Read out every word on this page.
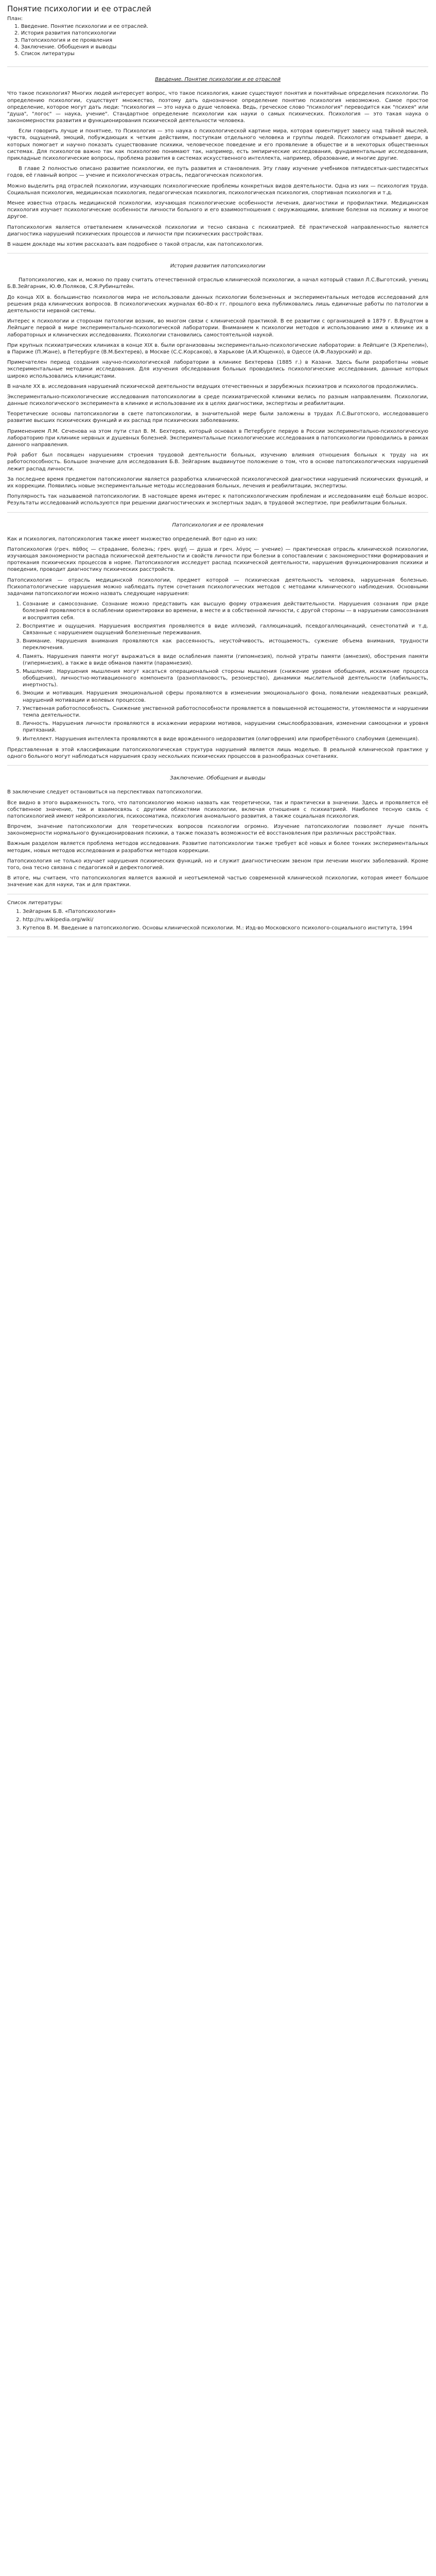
Понятие психологии и ее отраслей
План:
1. Введение. Понятие психологии и ее отраслей.
2. История развития патопсихологии
3. Патопсихология и ее проявления
4. Заключение. Обобщения и выводы
5. Список литературы
Введение. Понятие психологии и ее отраслей

Что такое психология? Многих людей интересует вопрос, что такое психология, какие существуют понятия и понятийные определения психологии. По определению психологии, существует множество, поэтому дать однозначное определение понятию психология невозможно. Самое простое определение, которое могут дать люди: "психология — это наука о душе человека. Ведь, греческое слово "психология" переводится как "психея" или "душа", "логос" — наука, учение". Стандартное определение психологии как науки о самых психическиx. Психология — это такая наука о закономерностях развития и функционирования психической деятельности человека.

Если говорить лучше и понятнее, то Психология — это наука о психологической картине мира, которая ориентирует завесу над тайной мыслей, чувств, ощущений, эмоций, побуждающих к четким действиям, поступкам отдельного человека и группы людей. Психология открывает двери, в которых помогает и научно показать существование психики, человеческое поведение и его проявление в обществе и в некоторых общественных системах. Для психологов важно так как психологию понимают так, например, есть эмпирические исследования, фундаментальные исследования, прикладные психологические вопросы, проблема развития в системах искусственного интеллекта, например, образование, и многие другие.

В главе 2 полностью описано развитие психологии, ее путь развития и становления. Эту главу изучение учебников пятидесятых-шестидесятых годов, её главный вопрос — учение и психологическая отрасль, педагогическая психология.

Можно выделить ряд отраслей психологии, изучающих психологические проблемы конкретных видов деятельности. Одна из них — психология труда. Социальная психология, медицинская психология, педагогическая психология, психологическая психология, спортивная психология и т.д.

Менее известна отрасль медицинской психологии, изучающая психологические особенности лечения, диагностики и профилактики. Медицинская психология изучает психологические особенности личности больного и его взаимоотношения с окружающими, влияние болезни на психику и многое другое.

Патопсихология является ответвлением клинической психологии и тесно связана с психиатрией. Её практической направленностью является диагностика нарушений психических процессов и личности при психических расстройствах.

В нашем докладе мы хотим рассказать вам подробнее о такой отрасли, как патопсихология.

История развития патопсихологии

Патопсихологию, как и, можно по праву считать отечественной отраслью клинической психологии, а начал который ставил Л.С.Выготский, учениц Б.В.Зейгарник, Ю.Ф.Поляков, С.Я.Рубинштейн.

До конца XIX в. большинство психологов мира не использовали данных психологии болезненных и экспериментальных методов исследований для решения ряда клинических вопросов. В психологических журналах 60–80-х гг. прошлого века публиковались лишь единичные работы по патологии в деятельности нервной системы.

Интерес к психологии и сторонам патологии возник, во многом связи с клинической практикой. В ее развитии с организацией в 1879 г. В.Вундтом в Лейпциге первой в мире экспериментально-психологической лаборатории. Вниманием к психологии методов и использованию ими в клинике их в лабораторных и клинических исследованиях. Психологии становились самостоятельной наукой.

При крупных психиатрических клиниках в конце XIX в. были организованы экспериментально-психологические лаборатории: в Лейпциге (Э.Крепелин), в Париже (П.Жане), в Петербурге (В.М.Бехтерев), в Москве (С.С.Корсаков), в Харькове (А.И.Ющенко), в Одессе (А.Ф.Лазурский) и др.

Примечателен период создания научно-психологической лаборатории в клинике Бехтерева (1885 г.) в Казани. Здесь были разработаны новые экспериментальные методики исследования. Для изучения обследования больных проводились психологические исследования, данные которых широко использовались клиницистами.

В начале XX в. исследования нарушений психической деятельности ведущих отечественных и зарубежных психиатров и психологов продолжились.

Экспериментально-психологические исследования патопсихологии в среде психиатрической клиники велись по разным направлениям. Психологии, данные психологического эксперимента в клинике и использование их в целях диагностики, экспертизы и реабилитации.

Теоретические основы патопсихологии в свете патопсихологии, в значительной мере были заложены в трудах Л.С.Выготского, исследовавшего развитие высших психических функций и их распад при психических заболеваниях.

Применением Л.М. Сеченова на этом пути стал В. М. Бехтерев, который основал в Петербурге первую в России экспериментально-психологическую лабораторию при клинике нервных и душевных болезней. Экспериментальные психологические исследования в патопсихологии проводились в рамках данного направления.

Рой работ был посвящен нарушениям строения трудовой деятельности больных, изучению влияния отношения больных к труду на их работоспособность. Большое значение для исследования Б.В. Зейгарник выдвинутое положение о том, что в основе патопсихологических нарушений лежит распад личности.

За последнее время предметом патопсихологии является разработка клинической психологической диагностики нарушений психических функций, и их коррекции. Появились новые экспериментальные методы исследования больных, лечения и реабилитации, экспертизы.

Популярность так называемой патопсихологии. В настоящее время интерес к патопсихологическим проблемам и исследованиям ещё больше возрос. Результаты исследований используются при решении диагностических и экспертных задач, в трудовой экспертизе, при реабилитации больных.

Патопсихология и ее проявления

Как и психология, патопсихология также имеет множество определений. Вот одно из них:

Патопсихология (греч. πάθος — страдание, болезнь; греч. ψυχή — душа и греч. λόγος — учение) — практическая отрасль клинической психологии, изучающая закономерности распада психической деятельности и свойств личности при болезни в сопоставлении с закономерностями формирования и протекания психических процессов в норме. Патопсихология исследует распад психической деятельности, нарушения функционирования психики и поведения, проводит диагностику психических расстройств.

Патопсихология — отрасль медицинской психологии, предмет которой — психическая деятельность человека, нарушенная болезнью. Психопатологические нарушения можно наблюдать путем сочетания психологических методов с методами клинического наблюдения. Основными задачами патопсихологии можно назвать следующие нарушения:

1. Сознание и самосознание. Сознание можно представить как высшую форму отражения действительности. Нарушения сознания при ряде болезней проявляются в ослаблении ориентировки во времени, в месте и в собственной личности, с другой стороны — в нарушении самосознания и восприятия себя.
2. Восприятие и ощущения. Нарушения восприятия проявляются в виде иллюзий, галлюцинаций, псевдогаллюцинаций, сенестопатий и т.д. Связанные с нарушением ощущений болезненные переживания.
3. Внимание. Нарушения внимания проявляются как рассеянность, неустойчивость, истощаемость, сужение объема внимания, трудности переключения.
4. Память. Нарушения памяти могут выражаться в виде ослабления памяти (гипомнезия), полной утраты памяти (амнезия), обострения памяти (гипермнезия), а также в виде обманов памяти (парамнезия).
5. Мышление. Нарушения мышления могут касаться операциональной стороны мышления (снижение уровня обобщения, искажение процесса обобщения), личностно-мотивационного компонента (разноплановость, резонерство), динамики мыслительной деятельности (лабильность, инертность).
6. Эмоции и мотивация. Нарушения эмоциональной сферы проявляются в изменении эмоционального фона, появлении неадекватных реакций, нарушений мотивации и волевых процессов.
7. Умственная работоспособность. Снижение умственной работоспособности проявляется в повышенной истощаемости, утомляемости и нарушении темпа деятельности.
8. Личность. Нарушения личности проявляются в искажении иерархии мотивов, нарушении смыслообразования, изменении самооценки и уровня притязаний.
9. Интеллект. Нарушения интеллекта проявляются в виде врожденного недоразвития (олигофрения) или приобретённого слабоумия (деменция).

Представленная в этой классификации патопсихологическая структура нарушений является лишь моделью. В реальной клинической практике у одного больного могут наблюдаться нарушения сразу нескольких психических процессов в разнообразных сочетаниях.

Заключение. Обобщения и выводы

В заключение следует остановиться на перспективах патопсихологии.

Все видно в этого выраженность того, что патопсихологию можно назвать как теоретически, так и практически в значении. Здесь и проявляется её собственное значение, так и взаимосвязь с другими областями психологии, включая отношения с психиатрией. Наиболее тесную связь с патопсихологией имеют нейропсихология, психосоматика, психология аномального развития, а также социальная психология.

Впрочем, значение патопсихологии для теоретических вопросов психологии огромно. Изучение патопсихологии позволяет лучше понять закономерности нормального функционирования психики, а также показать возможности её восстановления при различных расстройствах.

Важным разделом является проблема методов исследования. Развитие патопсихологии также требует всё новых и более тонких экспериментальных методик, новых методов исследования и разработки методов коррекции.

Патопсихология не только изучает нарушения психических функций, но и служит диагностическим звеном при лечении многих заболеваний. Кроме того, она тесно связана с педагогикой и дефектологией.

В итоге, мы считаем, что патопсихология является важной и неотъемлемой частью современной клинической психологии, которая имеет большое значение как для науки, так и для практики.

Список литературы:
1. Зейгарник Б.В. «Патопсихология»
2. http://ru.wikipedia.org/wiki/
3. Кутепов В. М. Введение в патопсихологию. Основы клинической психологии. М.: Изд-во Московского психолого-социального института, 1994
